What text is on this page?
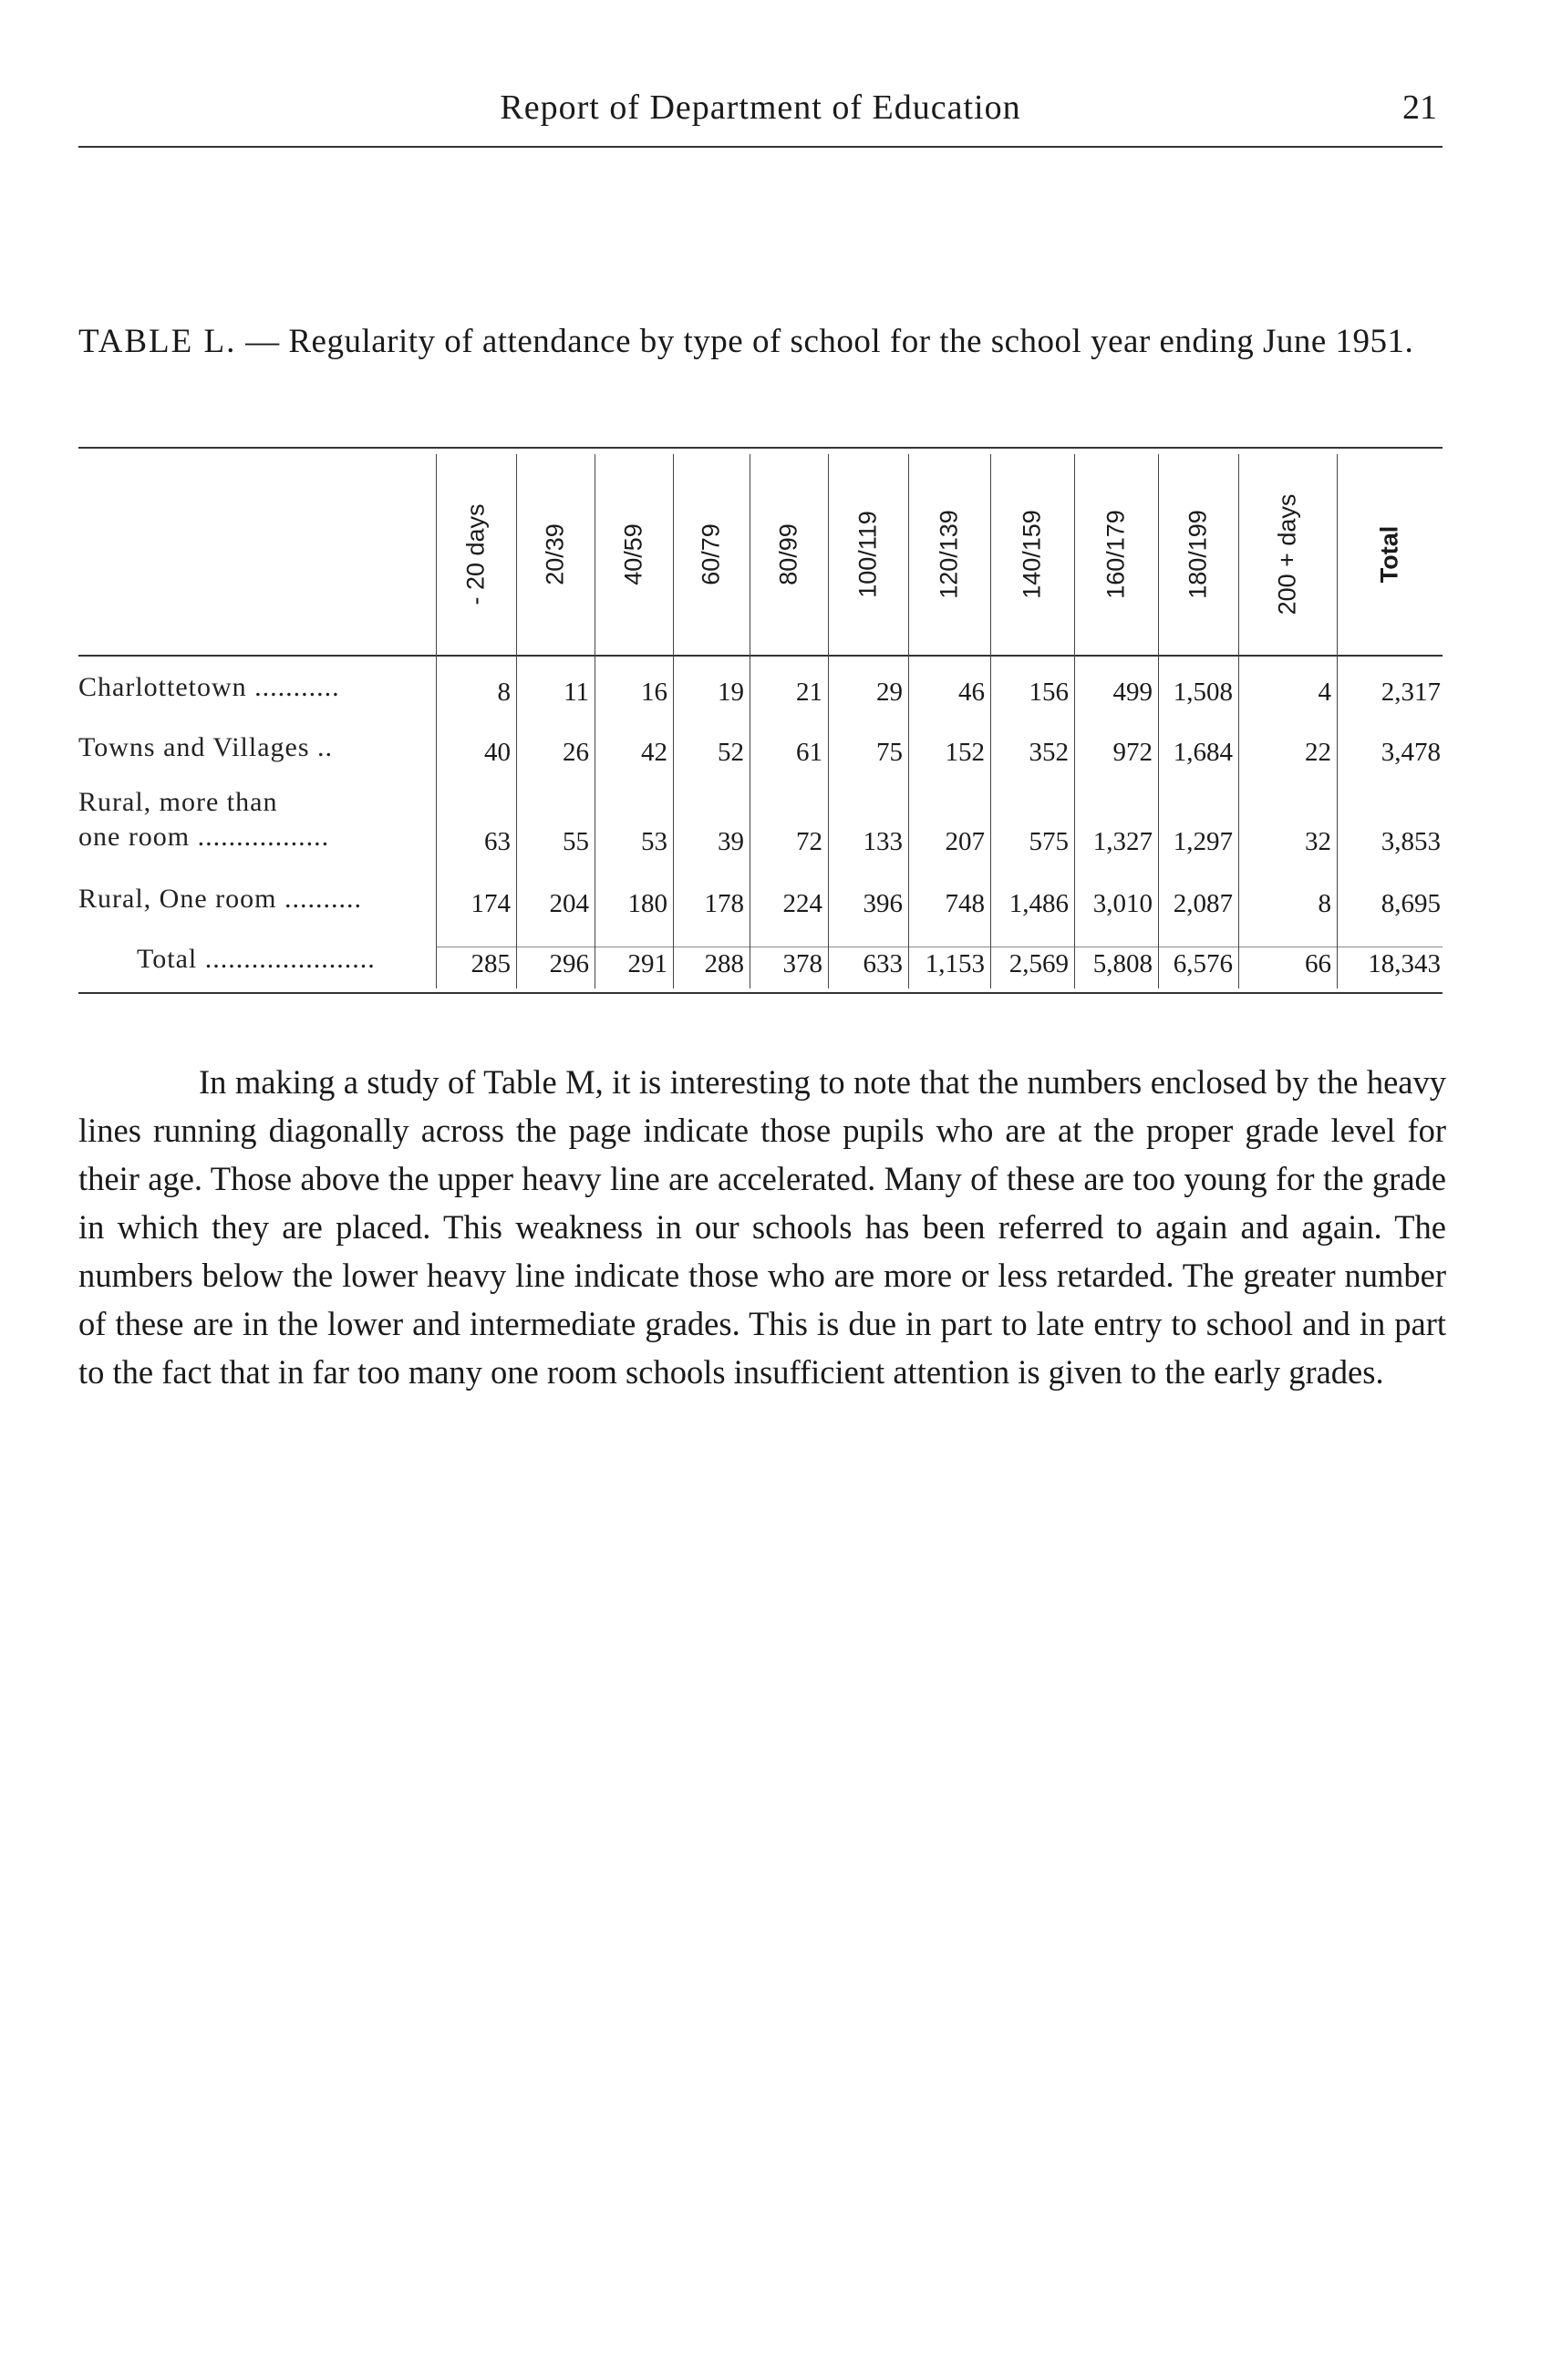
Report of Department of Education	21
TABLE L. — Regularity of attendance by type of school for the school year ending June 1951.
- 20 days 20/39 40/59 60/79 80/99 100/119 120/139 140/159 160/179 180/199	200 + days	Total
Charlottetown ...........	8 11 16 19 21 29 46 156 499 1,508	4 2,317
Towns and Villages ..	40 26 42 52 61 75 152 352 972 1,684	22 3,478
Rural, more than
one room .................	63 55 53 39 72 133 207 575 1,327 1,297	32 3,853
Rural, One room ..........	174 204 180 178 224 396 748 1,486 3,010 2,087	8 8,695
Total ......................	285 296 291 288 378 633 1,153 2,569 5,808 6,576	66 18,343

In making a study of Table M, it is interesting to note that the numbers enclosed by the heavy lines running diagonally across the page indicate those pupils who are at the proper grade level for their age. Those above the upper heavy line are accelerated. Many of these are too young for the grade in which they are placed. This weakness in our schools has been referred to again and again. The numbers below the lower heavy line indicate those who are more or less retarded. The greater number of these are in the lower and intermediate grades. This is due in part to late entry to school and in part to the fact that in far too many one room schools insufficient attention is given to the early grades.
